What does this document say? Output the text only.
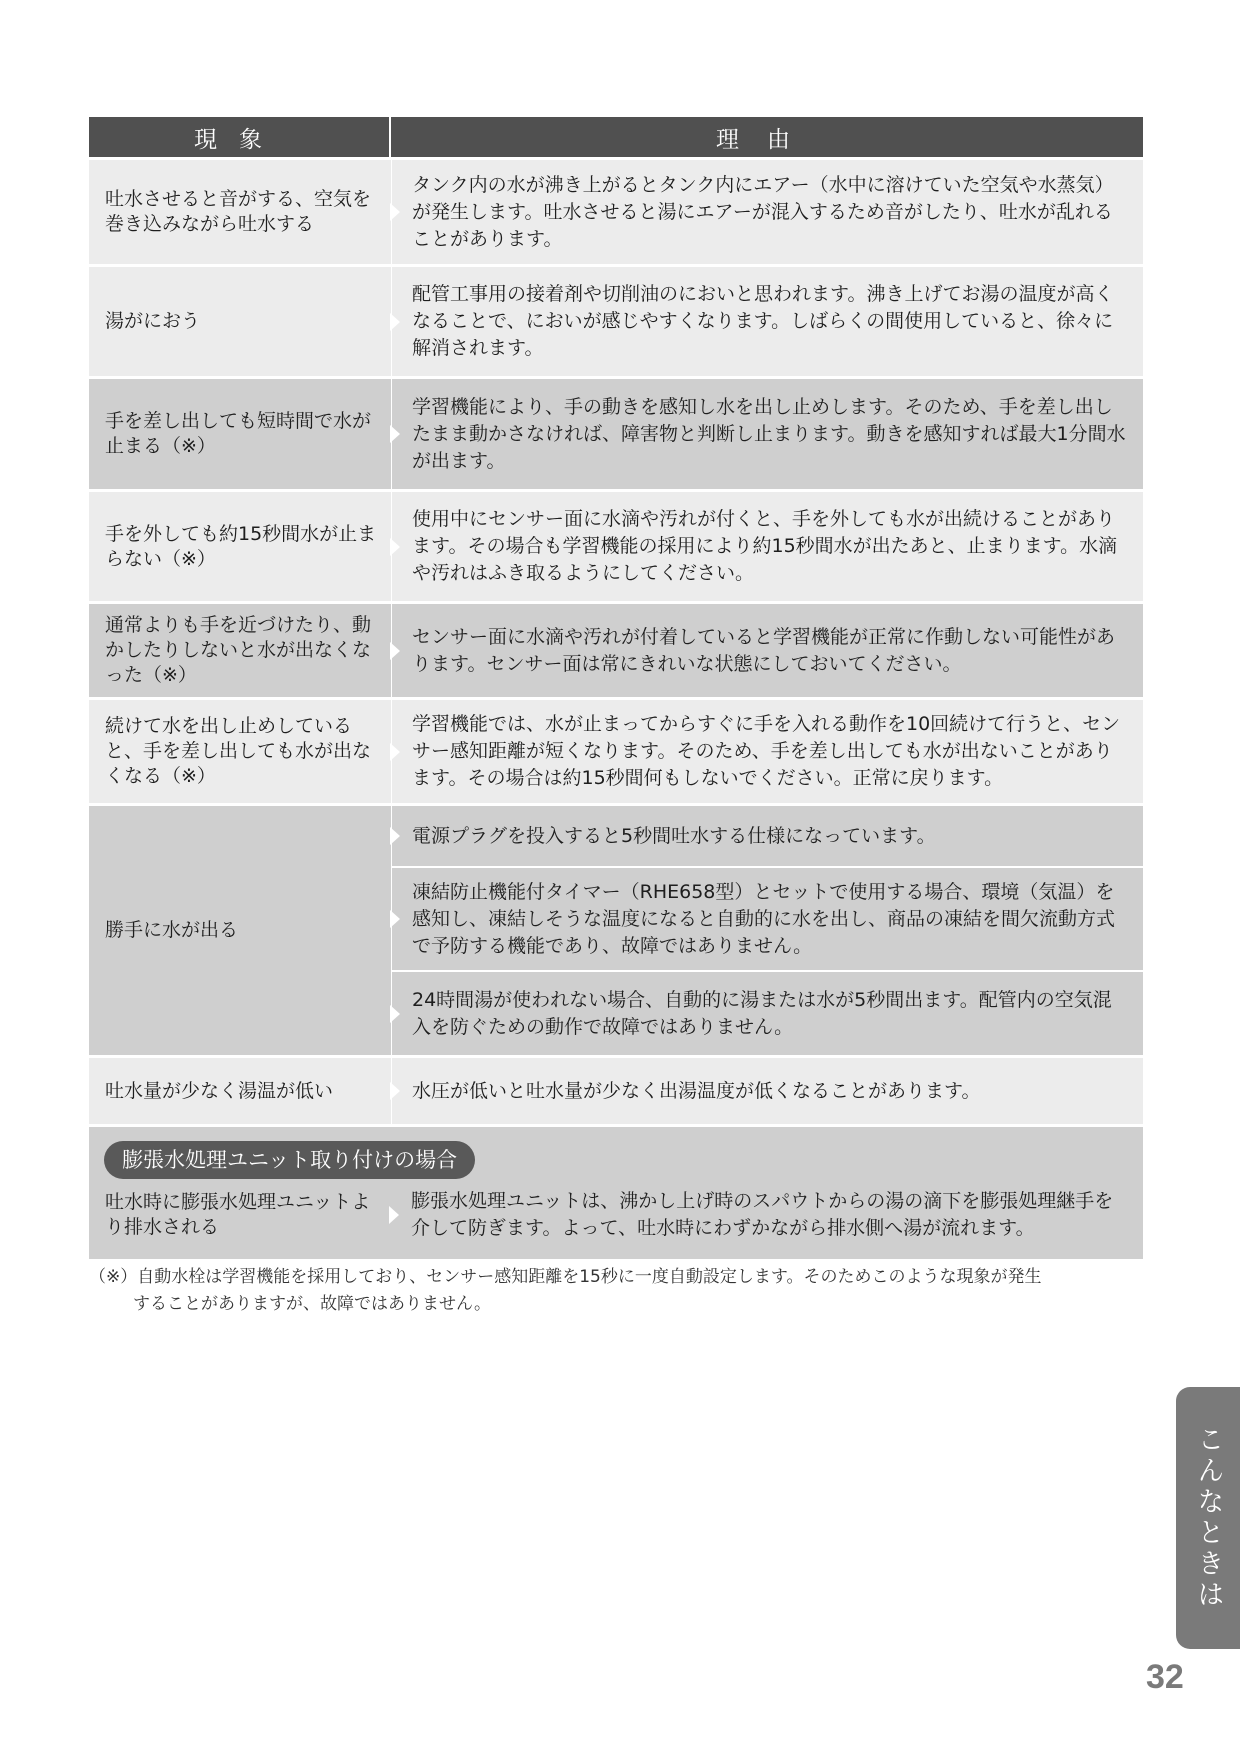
現象	理由
吐水させると音がする、空気を巻き込みながら吐水する
タンク内の水が沸き上がるとタンク内にエアー（水中に溶けていた空気や水蒸気）が発生します。吐水させると湯にエアーが混入するため音がしたり、吐水が乱れることがあります。
湯がにおう
配管工事用の接着剤や切削油のにおいと思われます。沸き上げてお湯の温度が高くなることで、においが感じやすくなります。しばらくの間使用していると、徐々に解消されます。
手を差し出しても短時間で水が止まる（※）
学習機能により、手の動きを感知し水を出し止めします。そのため、手を差し出したまま動かさなければ、障害物と判断し止まります。動きを感知すれば最大1分間水が出ます。
手を外しても約15秒間水が止まらない（※）
使用中にセンサー面に水滴や汚れが付くと、手を外しても水が出続けることがあります。その場合も学習機能の採用により約15秒間水が出たあと、止まります。水滴や汚れはふき取るようにしてください。
通常よりも手を近づけたり、動かしたりしないと水が出なくなった（※）
センサー面に水滴や汚れが付着していると学習機能が正常に作動しない可能性があります。センサー面は常にきれいな状態にしておいてください。
続けて水を出し止めしていると、手を差し出しても水が出なくなる（※）
学習機能では、水が止まってからすぐに手を入れる動作を10回続けて行うと、センサー感知距離が短くなります。そのため、手を差し出しても水が出ないことがあります。その場合は約15秒間何もしないでください。正常に戻ります。
勝手に水が出る
電源プラグを投入すると5秒間吐水する仕様になっています。
凍結防止機能付タイマー（RHE658型）とセットで使用する場合、環境（気温）を感知し、凍結しそうな温度になると自動的に水を出し、商品の凍結を間欠流動方式で予防する機能であり、故障ではありません。
24時間湯が使われない場合、自動的に湯または水が5秒間出ます。配管内の空気混入を防ぐための動作で故障ではありません。
吐水量が少なく湯温が低い	水圧が低いと吐水量が少なく出湯温度が低くなることがあります。
膨張水処理ユニット取り付けの場合
吐水時に膨張水処理ユニットより排水される
膨張水処理ユニットは、沸かし上げ時のスパウトからの湯の滴下を膨張処理継手を介して防ぎます。よって、吐水時にわずかながら排水側へ湯が流れます。
（※）自動水栓は学習機能を採用しており、センサー感知距離を15秒に一度自動設定します。そのためこのような現象が発生
することがありますが、故障ではありません。
こんなときは
32
